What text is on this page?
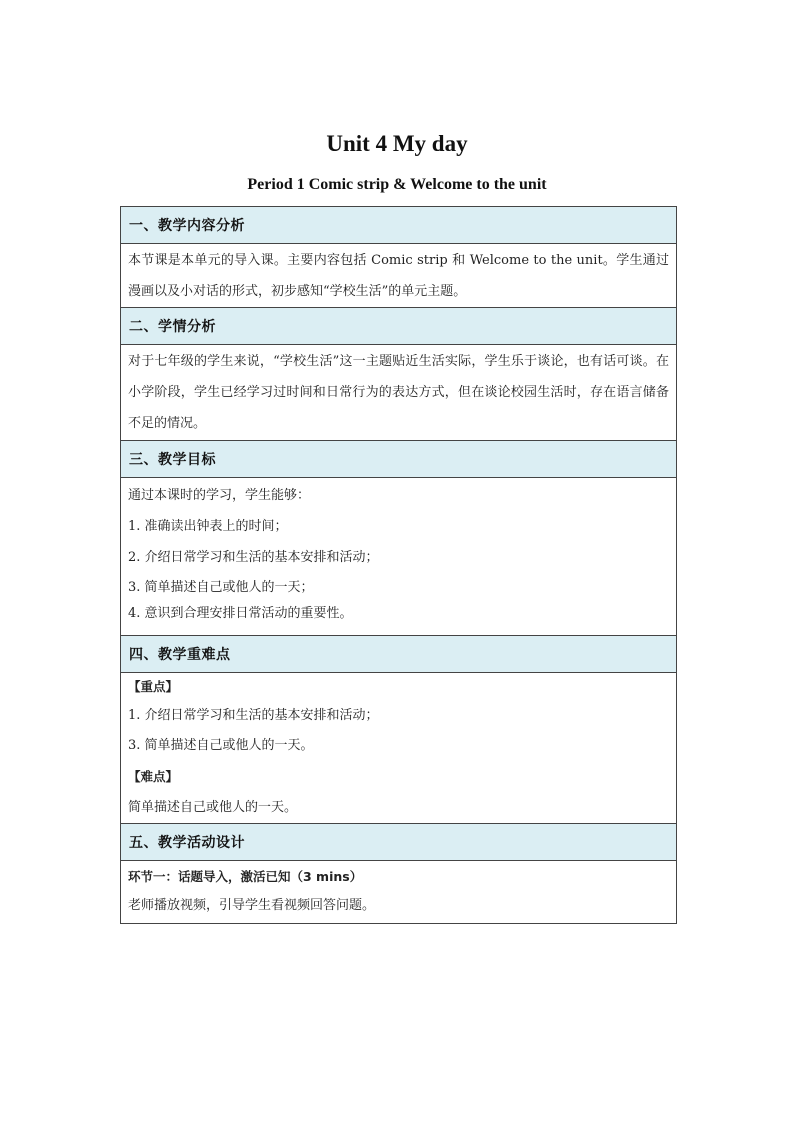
Unit 4 My day
Period 1 Comic strip & Welcome to the unit
一、教学内容分析

本节课是本单元的导入课。主要内容包括 Comic strip 和 Welcome to the unit。学生通过漫画以及小对话的形式，初步感知“学校生活”的单元主题。

二、学情分析

对于七年级的学生来说，“学校生活”这一主题贴近生活实际，学生乐于谈论，也有话可谈。在小学阶段，学生已经学习过时间和日常行为的表达方式，但在谈论校园生活时，存在语言储备不足的情况。

三、教学目标

通过本课时的学习，学生能够：

1. 准确读出钟表上的时间；

2. 介绍日常学习和生活的基本安排和活动；

3. 简单描述自己或他人的一天；

4. 意识到合理安排日常活动的重要性。

四、教学重难点

【重点】

1. 介绍日常学习和生活的基本安排和活动；

3. 简单描述自己或他人的一天。

【难点】

简单描述自己或他人的一天。

五、教学活动设计

环节一：话题导入，激活已知（3 mins）

老师播放视频，引导学生看视频回答问题。
